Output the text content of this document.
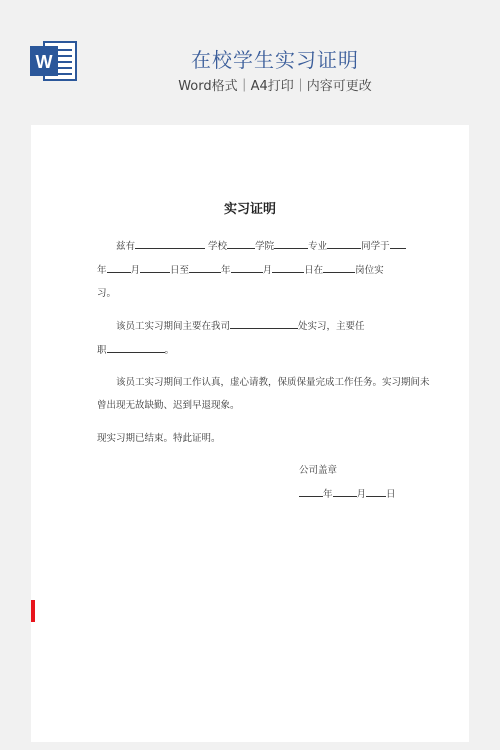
W	在校学生实习证明
Word格式｜A4打印｜内容可更改
实习证明
兹有	学校	学院	专业	同学于
年	月	日至	年	月	日在	岗位实
习。
该员工实习期间主要在我司	处实习，主要任
职	。
该员工实习期间工作认真，虚心请教，保质保量完成工作任务。实习期间未
曾出现无故缺勤、迟到早退现象。
现实习期已结束。特此证明。
公司盖章
年	月 日
